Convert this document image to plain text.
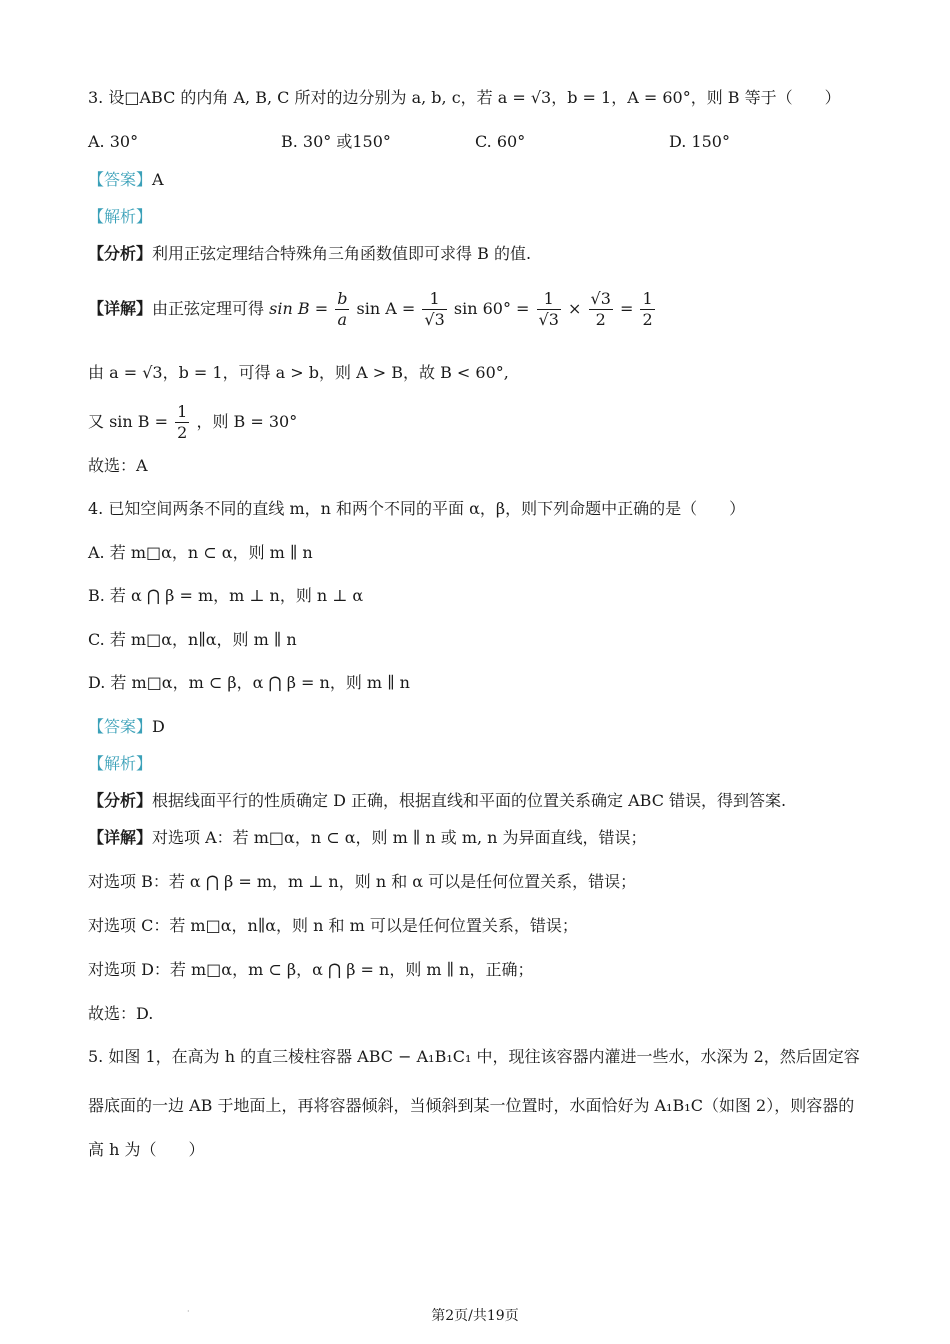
3. 设□ABC 的内角 A, B, C 所对的边分别为 a, b, c，若 a = √3，b = 1，A = 60°，则 B 等于（　　）
A. 30°	B. 30° 或150°	C. 60°	D. 150°
【答案】A
【解析】
【分析】利用正弦定理结合特殊角三角函数值即可求得 B 的值.
【详解】由正弦定理可得 $\sin B = \frac{b}{a}$ $\sin A = \frac{1}{√3}$ $\sin 60^\circ = \frac{1}{√3} \times \frac{√3}{2} = \frac{1}{2}$
由 a = √3，b = 1，可得 a > b，则 A > B，故 B < 60°,
又 $\sin B = \frac{1}{2}$ ，则 B = 30°
故选：A
4. 已知空间两条不同的直线 m，n 和两个不同的平面 α，β，则下列命题中正确的是（　　）
A. 若 m□α，n ⊂ α，则 m ∥ n
B. 若 α ⋂ β = m，m ⊥ n，则 n ⊥ α
C. 若 m□α，n∥α，则 m ∥ n
D. 若 m□α，m ⊂ β，α ⋂ β = n，则 m ∥ n
【答案】D
【解析】
【分析】根据线面平行的性质确定 D 正确，根据直线和平面的位置关系确定 ABC 错误，得到答案.
【详解】对选项 A：若 m□α，n ⊂ α，则 m ∥ n 或 m, n 为异面直线，错误；
对选项 B：若 α ⋂ β = m，m ⊥ n，则 n 和 α 可以是任何位置关系，错误；
对选项 C：若 m□α，n∥α，则 n 和 m 可以是任何位置关系，错误；
对选项 D：若 m□α，m ⊂ β，α ⋂ β = n，则 m ∥ n，正确；
故选：D.
5. 如图 1，在高为 h 的直三棱柱容器 ABC − A₁B₁C₁ 中，现往该容器内灌进一些水，水深为 2，然后固定容
器底面的一边 AB 于地面上，再将容器倾斜，当倾斜到某一位置时，水面恰好为 A₁B₁C（如图 2），则容器的
高 h 为（　　）
·	第2页/共19页
